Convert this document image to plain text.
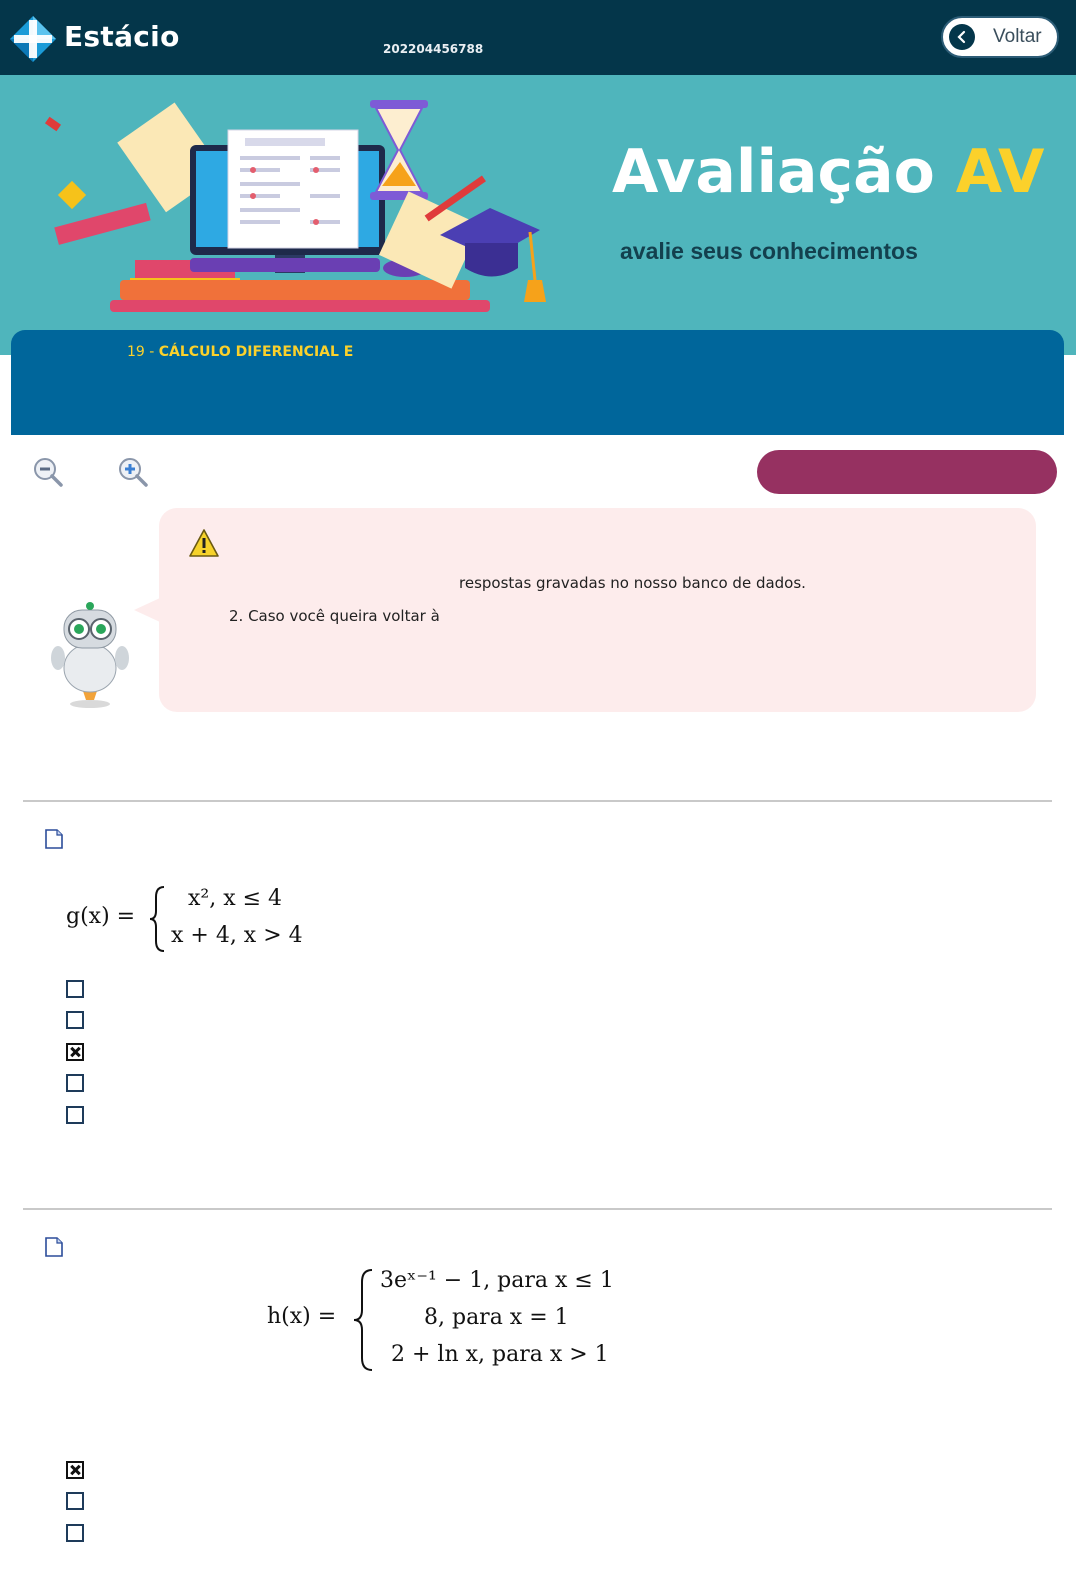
Estácio	202204456788
Voltar
Avaliação AV
avalie seus conhecimentos
19 - CÁLCULO DIFERENCIAL E
respostas gravadas no nosso banco de dados.
2. Caso você queira voltar à
g(x) =
x², x ≤ 4
x + 4, x > 4
h(x) =
3eˣ⁻¹ − 1, para x ≤ 1
8, para x = 1
2 + ln x, para x > 1
